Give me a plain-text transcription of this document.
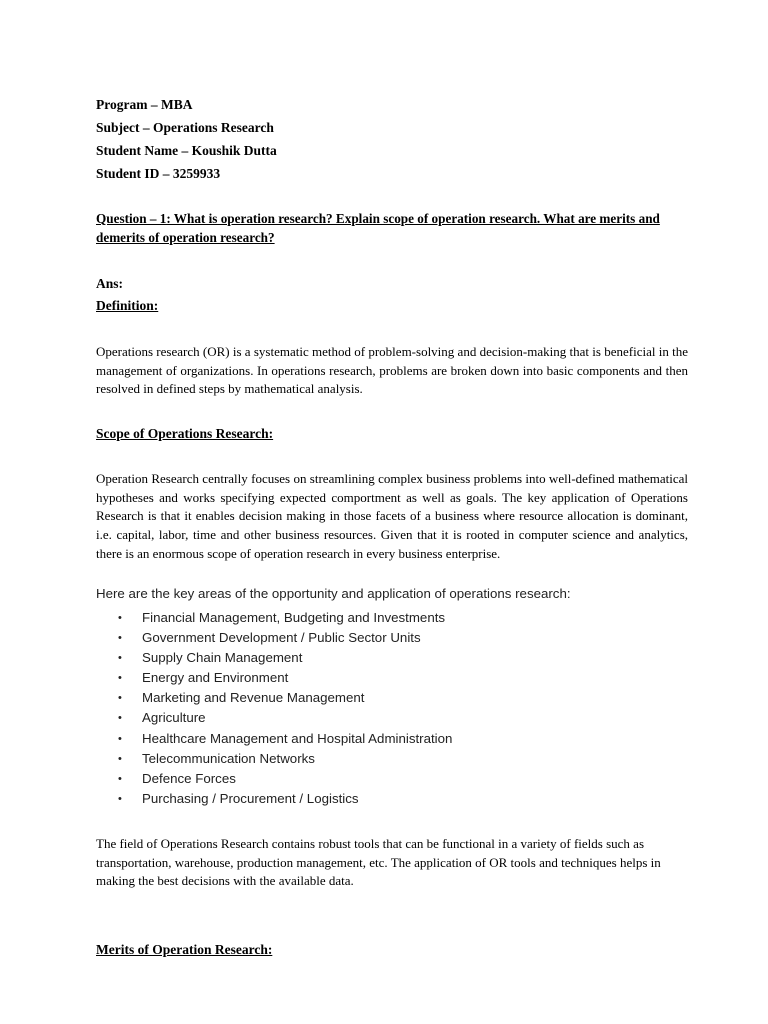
Program – MBA
Subject – Operations Research
Student Name – Koushik Dutta
Student ID – 3259933
Question – 1: What is operation research? Explain scope of operation research. What are merits and
demerits of operation research?
Ans:
Definition:
Operations research (OR) is a systematic method of problem-solving and decision-making that is beneficial in the management of organizations. In operations research, problems are broken down into basic components and then resolved in defined steps by mathematical analysis.
Scope of Operations Research:
Operation Research centrally focuses on streamlining complex business problems into well-defined mathematical hypotheses and works specifying expected comportment as well as goals. The key application of Operations Research is that it enables decision making in those facets of a business where resource allocation is dominant, i.e. capital, labor, time and other business resources. Given that it is rooted in computer science and analytics, there is an enormous scope of operation research in every business enterprise.
Here are the key areas of the opportunity and application of operations research:
• Financial Management, Budgeting and Investments
• Government Development / Public Sector Units
• Supply Chain Management
• Energy and Environment
• Marketing and Revenue Management
• Agriculture
• Healthcare Management and Hospital Administration
• Telecommunication Networks
• Defence Forces
• Purchasing / Procurement / Logistics
The field of Operations Research contains robust tools that can be functional in a variety of fields such as transportation, warehouse, production management, etc. The application of OR tools and techniques helps in making the best decisions with the available data.
Merits of Operation Research:
